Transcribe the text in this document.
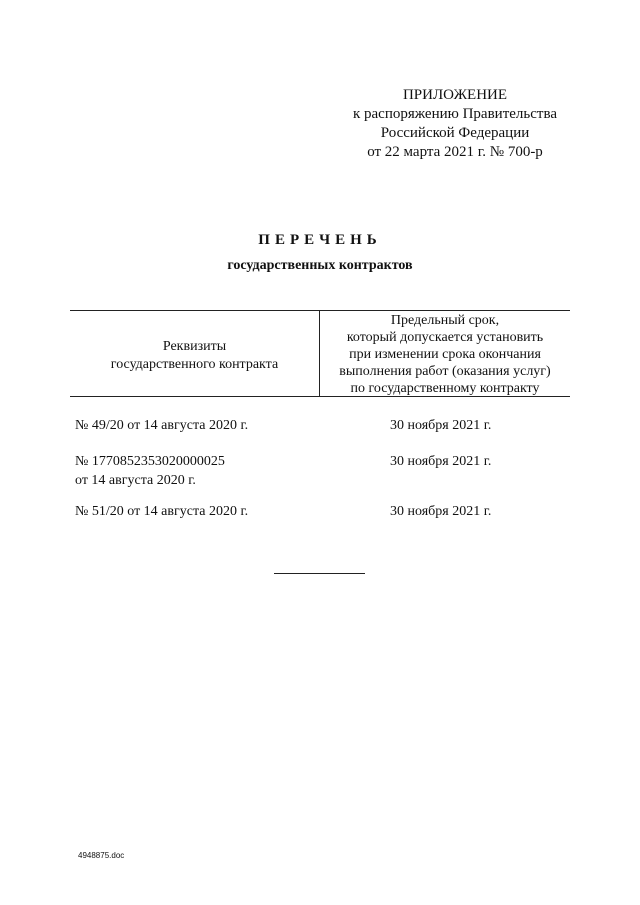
ПРИЛОЖЕНИЕ
к распоряжению Правительства
Российской Федерации
от 22 марта 2021 г. № 700-р
ПЕРЕЧЕНЬ
государственных контрактов
Реквизиты
государственного контракта
Предельный срок,
который допускается установить
при изменении срока окончания
выполнения работ (оказания услуг)
по государственному контракту
№ 49/20 от 14 августа 2020 г.	30 ноября 2021 г.
№ 1770852353020000025
от 14 августа 2020 г.
30 ноября 2021 г.
№ 51/20 от 14 августа 2020 г.	30 ноября 2021 г.
4948875.doc
